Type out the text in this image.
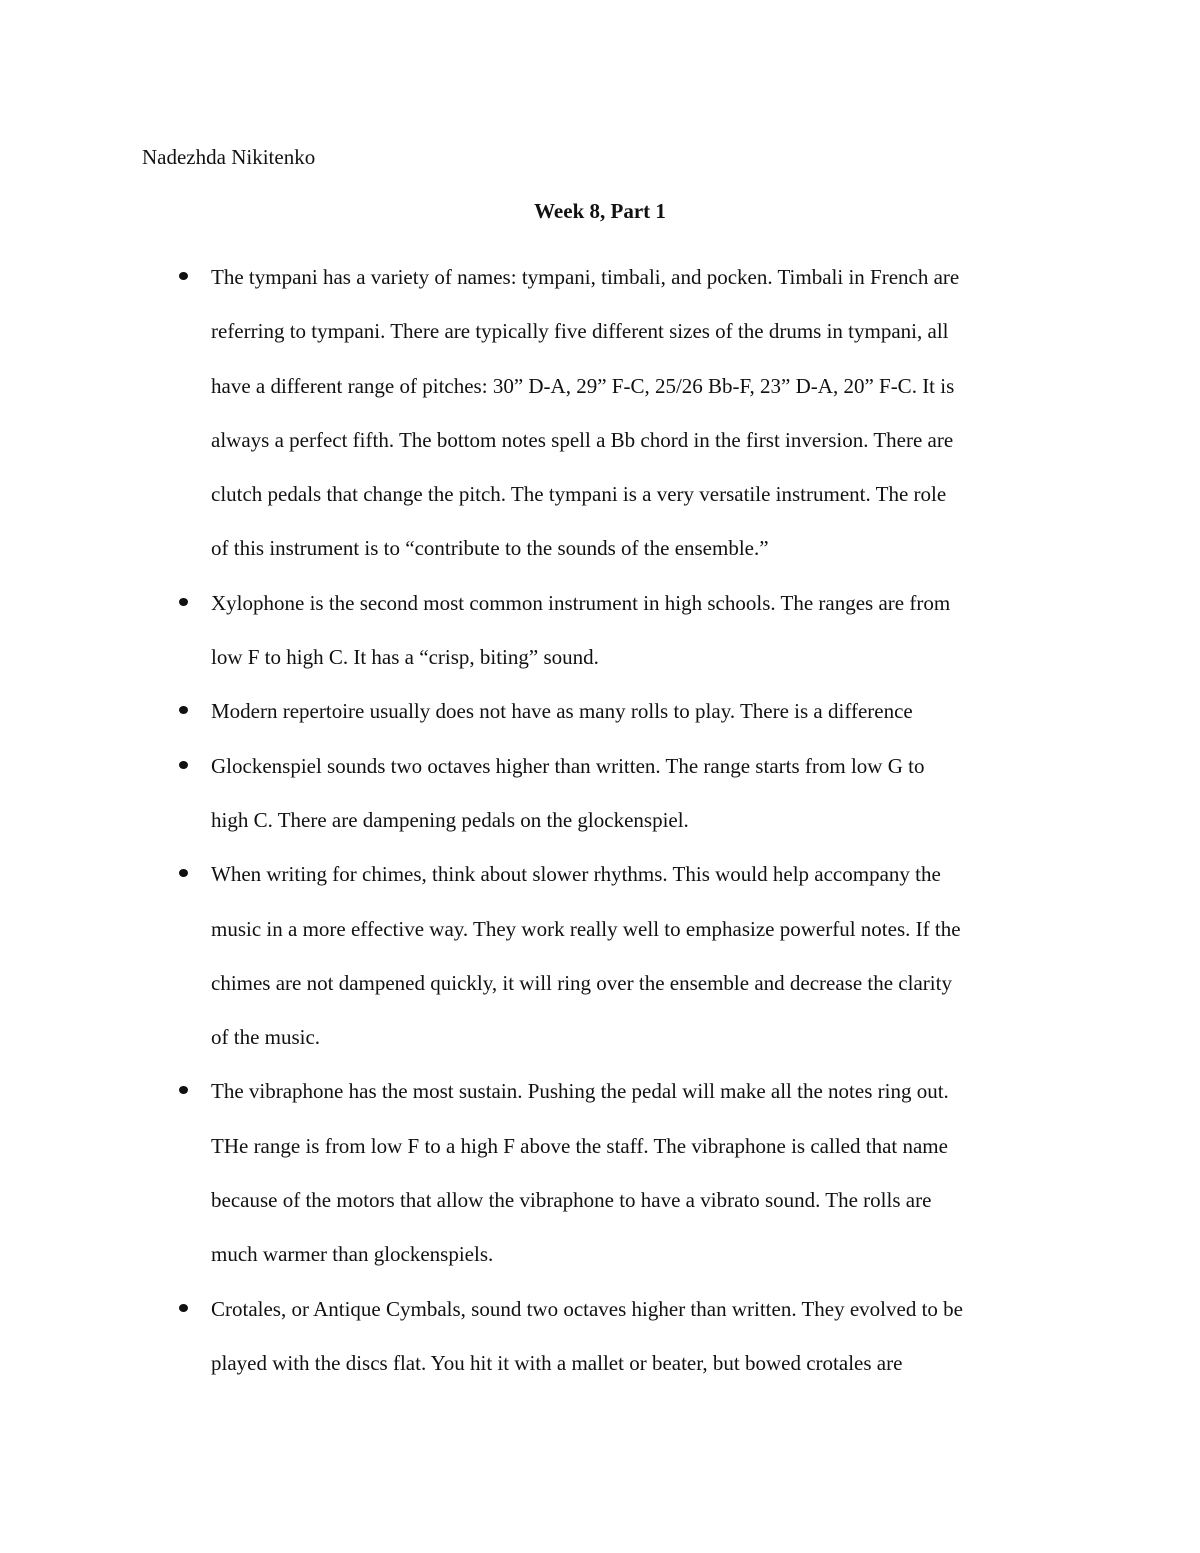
Nadezhda Nikitenko

Week 8, Part 1

The tympani has a variety of names: tympani, timbali, and pocken. Timbali in French are
referring to tympani. There are typically five different sizes of the drums in tympani, all
have a different range of pitches: 30” D-A, 29” F-C, 25/26 Bb-F, 23” D-A, 20” F-C. It is
always a perfect fifth. The bottom notes spell a Bb chord in the first inversion. There are
clutch pedals that change the pitch. The tympani is a very versatile instrument. The role
of this instrument is to “contribute to the sounds of the ensemble.”
Xylophone is the second most common instrument in high schools. The ranges are from
low F to high C. It has a “crisp, biting” sound.
Modern repertoire usually does not have as many rolls to play. There is a difference
Glockenspiel sounds two octaves higher than written. The range starts from low G to
high C. There are dampening pedals on the glockenspiel.
When writing for chimes, think about slower rhythms. This would help accompany the
music in a more effective way. They work really well to emphasize powerful notes. If the
chimes are not dampened quickly, it will ring over the ensemble and decrease the clarity
of the music.
The vibraphone has the most sustain. Pushing the pedal will make all the notes ring out.
THe range is from low F to a high F above the staff. The vibraphone is called that name
because of the motors that allow the vibraphone to have a vibrato sound. The rolls are
much warmer than glockenspiels.
Crotales, or Antique Cymbals, sound two octaves higher than written. They evolved to be
played with the discs flat. You hit it with a mallet or beater, but bowed crotales are
